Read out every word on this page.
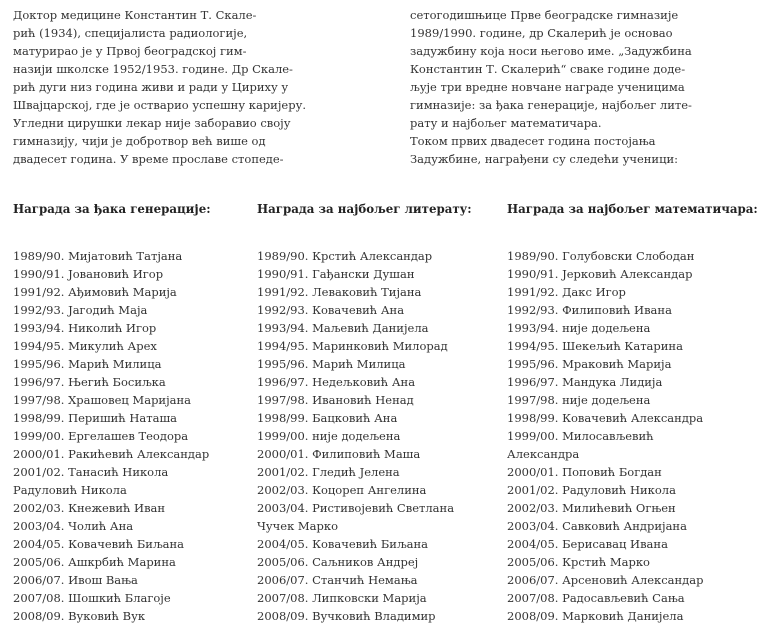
Доктор медицине Константин Т. Скале-
рић (1934), специјалиста радиологије,
матурирао је у Првој београдској гим-
назији школске 1952/1953. године. Др Скале-
рић дуги низ година живи и ради у Цириху у
Швајцарској, где је остварио успешну каријеру.
Угледни цирушки лекар није заборавио своју
гимназију, чији је добротвор већ више од
двадесет година. У време прославе стопеде-
сетогодишњице Прве београдске гимназије
1989/1990. године, др Скалерић је основао
задужбину која носи његово име. „Задужбина
Константин Т. Скалерић“ сваке године доде-
љује три вредне новчане награде ученицима
гимназије: за ђака генерације, најбољег лите-
рату и најбољег математичара.
Током првих двадесет година постојања
Задужбине, награђени су следећи ученици:
Награда за ђака генерације:
1989/90. Мијатовић Татјана
1990/91. Јовановић Игор
1991/92. Ађимовић Марија
1992/93. Јагодић Маја
1993/94. Николић Игор
1994/95. Микулић Арех
1995/96. Марић Милица
1996/97. Његић Босиљка
1997/98. Храшовец Маријана
1998/99. Перишић Наташа
1999/00. Ергелашев Теодора
2000/01. Ракићевић Александар
2001/02. Танасић Никола
Радуловић Никола
2002/03. Кнежевић Иван
2003/04. Чолић Ана
2004/05. Ковачевић Биљана
2005/06. Ашкрбић Марина
2006/07. Ивош Вања
2007/08. Шошкић Благоје
2008/09. Вуковић Вук
Награда за најбољег литерату:
1989/90. Крстић Александар
1990/91. Гађански Душан
1991/92. Леваковић Тијана
1992/93. Ковачевић Ана
1993/94. Маљевић Данијела
1994/95. Маринковић Милорад
1995/96. Марић Милица
1996/97. Недељковић Ана
1997/98. Ивановић Ненад
1998/99. Бацковић Ана
1999/00. није додељена
2000/01. Филиповић Маша
2001/02. Гледић Јелена
2002/03. Коцореп Ангелина
2003/04. Ристивојевић Светлана
Чучек Марко
2004/05. Ковачевић Биљана
2005/06. Саљников Андреј
2006/07. Станчић Немања
2007/08. Липковски Марија
2008/09. Вучковић Владимир
Награда за најбољег математичара:
1989/90. Голубовски Слободан
1990/91. Јерковић Александар
1991/92. Дакс Игор
1992/93. Филиповић Ивана
1993/94. није додељена
1994/95. Шекељић Катарина
1995/96. Мраковић Марија
1996/97. Мандука Лидија
1997/98. није додељена
1998/99. Ковачевић Александра
1999/00. Милосављевић
Александра
2000/01. Поповић Богдан
2001/02. Радуловић Никола
2002/03. Милићевић Огњен
2003/04. Савковић Андријана
2004/05. Берисавац Ивана
2005/06. Крстић Марко
2006/07. Арсеновић Александар
2007/08. Радосављевић Сања
2008/09. Марковић Данијела
